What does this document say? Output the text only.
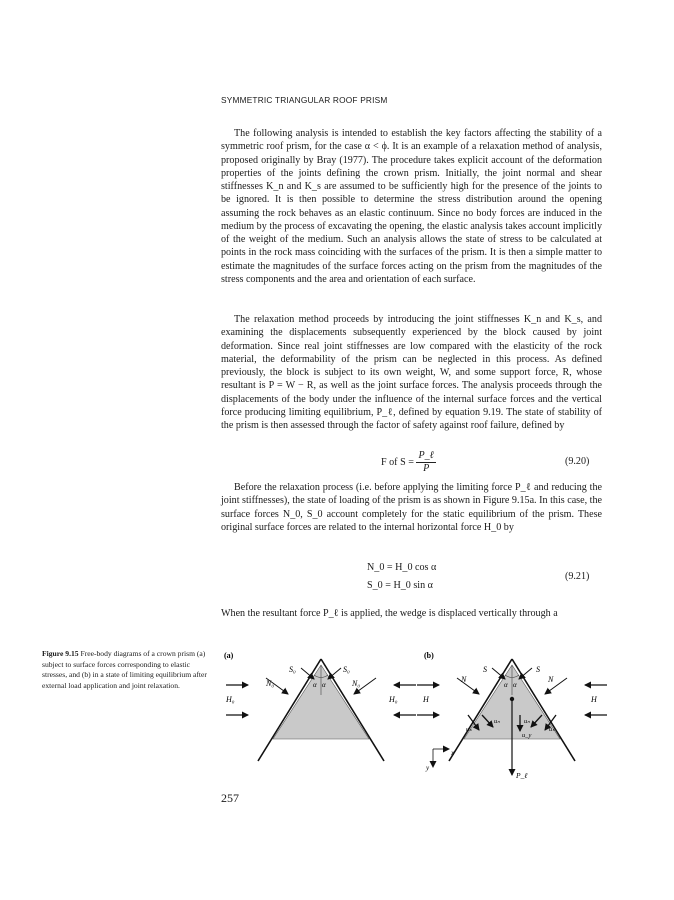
SYMMETRIC TRIANGULAR ROOF PRISM

The following analysis is intended to establish the key factors affecting the stability of a symmetric roof prism, for the case α < ϕ. It is an example of a relaxation method of analysis, proposed originally by Bray (1977). The procedure takes explicit account of the deformation properties of the joints defining the crown prism. Initially, the joint normal and shear stiffnesses K_n and K_s are assumed to be sufficiently high for the presence of the joints to be ignored. It is then possible to determine the stress distribution around the opening assuming the rock behaves as an elastic continuum. Since no body forces are induced in the medium by the process of excavating the opening, the elastic analysis takes account implicitly of the weight of the medium. Such an analysis allows the state of stress to be calculated at points in the rock mass coinciding with the surfaces of the prism. It is then a simple matter to estimate the magnitudes of the surface forces acting on the prism from the magnitudes of the stress components and the area and orientation of each surface.

The relaxation method proceeds by introducing the joint stiffnesses K_n and K_s, and examining the displacements subsequently experienced by the block caused by joint deformation. Since real joint stiffnesses are low compared with the elasticity of the rock material, the deformability of the prism can be neglected in this process. As defined previously, the block is subject to its own weight, W, and some support force, R, whose resultant is P = W − R, as well as the joint surface forces. The analysis proceeds through the displacements of the body under the influence of the internal surface forces and the vertical force producing limiting equilibrium, P_ℓ, defined by equation 9.19. The state of stability of the prism is then assessed through the factor of safety against roof failure, defined by

F of $S = \frac{\text{P\_ℓ}}{P}$	(9.20)

Before the relaxation process (i.e. before applying the limiting force P_ℓ and reducing the joint stiffnesses), the state of loading of the prism is as shown in Figure 9.15a. In this case, the surface forces N_0, S_0 account completely for the static equilibrium of the prism. These original surface forces are related to the internal horizontal force H_0 by

N_0 = H_0 cos α
S_0 = H_0 sin α
(9.21)

When the resultant force P_ℓ is applied, the wedge is displaced vertically through a

Figure 9.15 Free-body diagrams of a crown prism (a) subject to surface forces corresponding to elastic stresses, and (b) in a state of limiting equilibrium after external load application and joint relaxation.
(a)
α α
S₀	S₀
N₀	N₀
H₀	H₀
(b)
α α
S	S
N	N
H	H
uₛ	uₛ
uₙ	uₙ
u_y
P_ℓ
x
y
257
